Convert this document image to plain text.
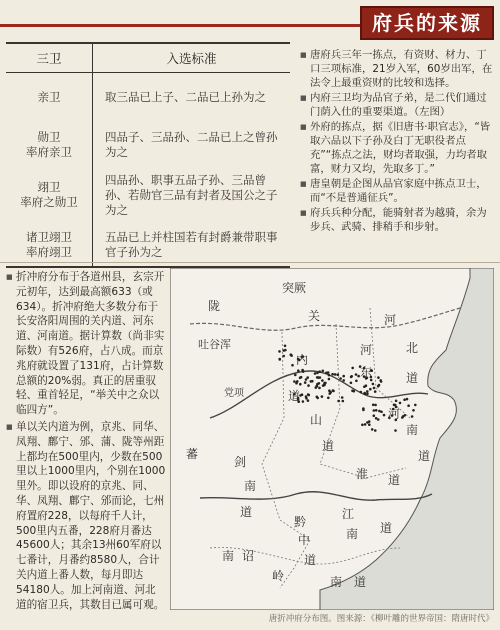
府兵的来源
三卫	入选标准
亲卫	取三品已上子、二品已上孙为之
勋卫
率府亲卫	四品子、三品孙、二品已上之曾孙为之
翊卫
率府之勋卫	四品孙、职事五品子孙、三品曾孙、若勋官三品有封者及国公之子为之
诸卫翊卫
率府翊卫	五品已上并柱国若有封爵兼带职事官子孙为之
■ 唐府兵三年一拣点，有资财、材力、丁口三项标准，21岁入军，60岁出军，在法令上最重资财的比较和选择。
■ 内府三卫均为品官子弟，是二代们通过门荫入仕的重要渠道。（左图）
■ 外府的拣点，据《旧唐书·职官志》，“皆取六品以下子孙及白丁无职役者点充”“拣点之法，财均者取强，力均者取富，财力又均，先取多丁。”
■ 唐皇朝是企图从品官家庭中拣点卫士，而“不是普通征兵”。
■ 府兵兵种分配，能骑射者为越骑，余为步兵、武骑、排稍手和步射。
■ 折冲府分布于各道州县，玄宗开元初年，达到最高额633（或634）。折冲府绝大多数分布于长安洛阳周围的关内道、河东道、河南道。据计算数（尚非实际数）有526府，占八成。而京兆府就设置了131府，占计算数总额的20%弱。真正的居重驭轻、重首轻足，“举关中之众以临四方”。
■ 单以关内道为例，京兆、同华、凤翔、鄜宁、邠、蒲、陇等州距上都均在500里内，少数在500里以上1000里内，个别在1000里外。即以设府的京兆、同、华、凤翔、鄜宁、邠而论，七州府置府228，以每府千人计，500里内五番，228府月番达45600人；其余13州60军府以七番计，月番约8580人，合计关内道上番人数，每月即达54180人。加上河南道、河北道的宿卫兵，其数目已属可观。
突厥
陇
吐谷浑
关
内
道
河
北
河
东	道
河
南
道
山
道
江
南 道
淮 道
剑
南
道
蕃
南 诏
岭	南 道
黔
中
道
党项
唐折冲府分布图。图来源：《柳叶雕的世界帝国：隋唐时代》
